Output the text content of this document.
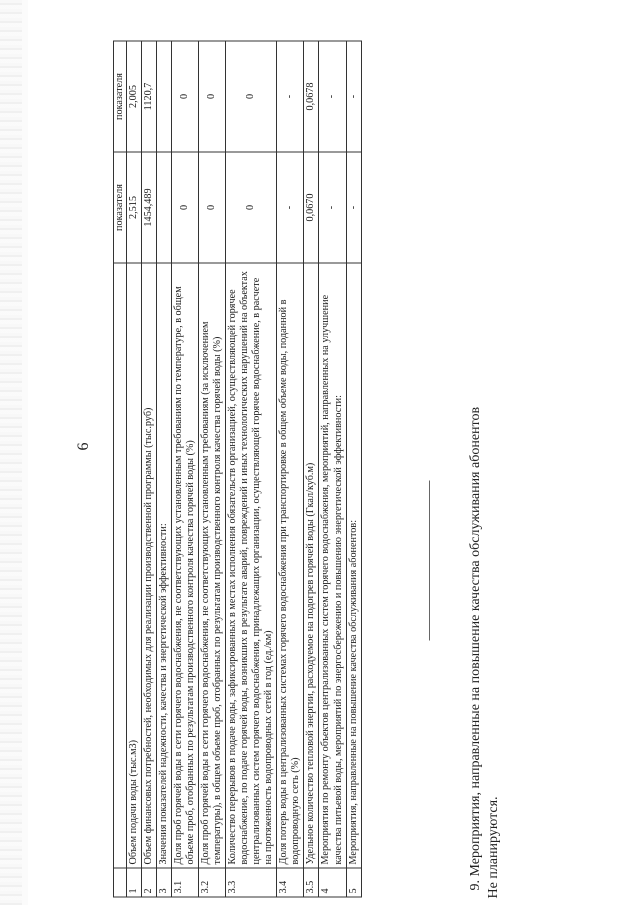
6
		показателя	показателя
1	Объем подачи воды (тыс.м3)	2,515	2,005
2	Объем финансовых потребностей, необходимых для реализации производственной программы (тыс.руб)	1454,489	1120,7
3	Значения показателей надежности, качества и энергетической эффективности:		
3.1	Доля проб горячей воды в сети горячего водоснабжения, не соответствующих установленным требованиям по температуре, в общем объеме проб, отобранных по результатам производственного контроля качества горячей воды (%)	0	0
3.2	Доля проб горячей воды в сети горячего водоснабжения, не соответствующих установленным требованиям (за исключением температуры), в общем объеме проб, отобранных по результатам производственного контроля качества горячей воды (%)	0	0
3.3	Количество перерывов в подаче воды, зафиксированных в местах исполнения обязательств организацией, осуществляющей горячее водоснабжение, по подаче горячей воды, возникших в результате аварий, повреждений и иных технологических нарушений на объектах централизованных систем горячего водоснабжения, принадлежащих организации, осуществляющей горячее водоснабжение, в расчете на протяженность водопроводных сетей в год (ед./км)	0	0
3.4	Доля потерь воды в централизованных системах горячего водоснабжения при транспортировке в общем объеме воды, поданной в водопроводную сеть (%)	-	-
3.5	Удельное количество тепловой энергии, расходуемое на подогрев горячей воды (Гкал/куб.м)	0,0670	0,0678
4	Мероприятия по ремонту объектов централизованных систем горячего водоснабжения, мероприятий, направленных на улучшение качества питьевой воды, мероприятий по энергосбережению и повышению энергетической эффективности:	-	-
5	Мероприятия, направленные на повышение качества обслуживания абонентов:	-	-
9. Мероприятия, направленные на повышение качества обслуживания абонентов Не планируются.
